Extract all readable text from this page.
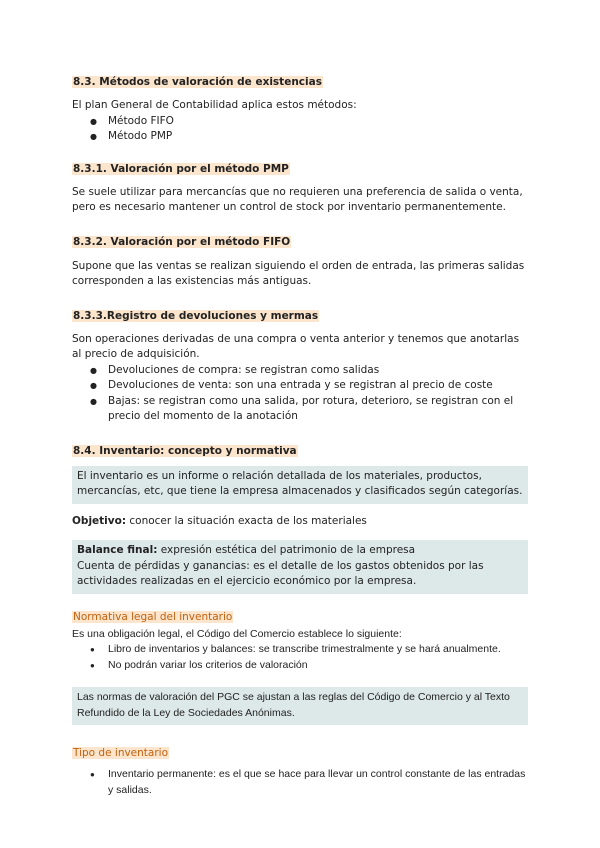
8.3. Métodos de valoración de existencias

El plan General de Contabilidad aplica estos métodos:

● Método FIFO
● Método PMP

8.3.1. Valoración por el método PMP

Se suele utilizar para mercancías que no requieren una preferencia de salida o venta, pero es necesario mantener un control de stock por inventario permanentemente.

8.3.2. Valoración por el método FIFO

Supone que las ventas se realizan siguiendo el orden de entrada, las primeras salidas corresponden a las existencias más antiguas.

8.3.3.Registro de devoluciones y mermas

Son operaciones derivadas de una compra o venta anterior y tenemos que anotarlas al precio de adquisición.

● Devoluciones de compra: se registran como salidas
● Devoluciones de venta: son una entrada y se registran al precio de coste
● Bajas: se registran como una salida, por rotura, deterioro, se registran con el precio del momento de la anotación

8.4. Inventario: concepto y normativa

El inventario es un informe o relación detallada de los materiales, productos, mercancías, etc, que tiene la empresa almacenados y clasificados según categorías.

Objetivo: conocer la situación exacta de los materiales

Balance final: expresión estética del patrimonio de la empresa
Cuenta de pérdidas y ganancias: es el detalle de los gastos obtenidos por las actividades realizadas en el ejercicio económico por la empresa.

Normativa legal del inventario

Es una obligación legal, el Código del Comercio establece lo siguiente:

● Libro de inventarios y balances: se transcribe trimestralmente y se hará anualmente.
● No podrán variar los criterios de valoración
Las normas de valoración del PGC se ajustan a las reglas del Código de Comercio y al Texto Refundido de la Ley de Sociedades Anónimas.

Tipo de inventario

● Inventario permanente: es el que se hace para llevar un control constante de las entradas y salidas.
